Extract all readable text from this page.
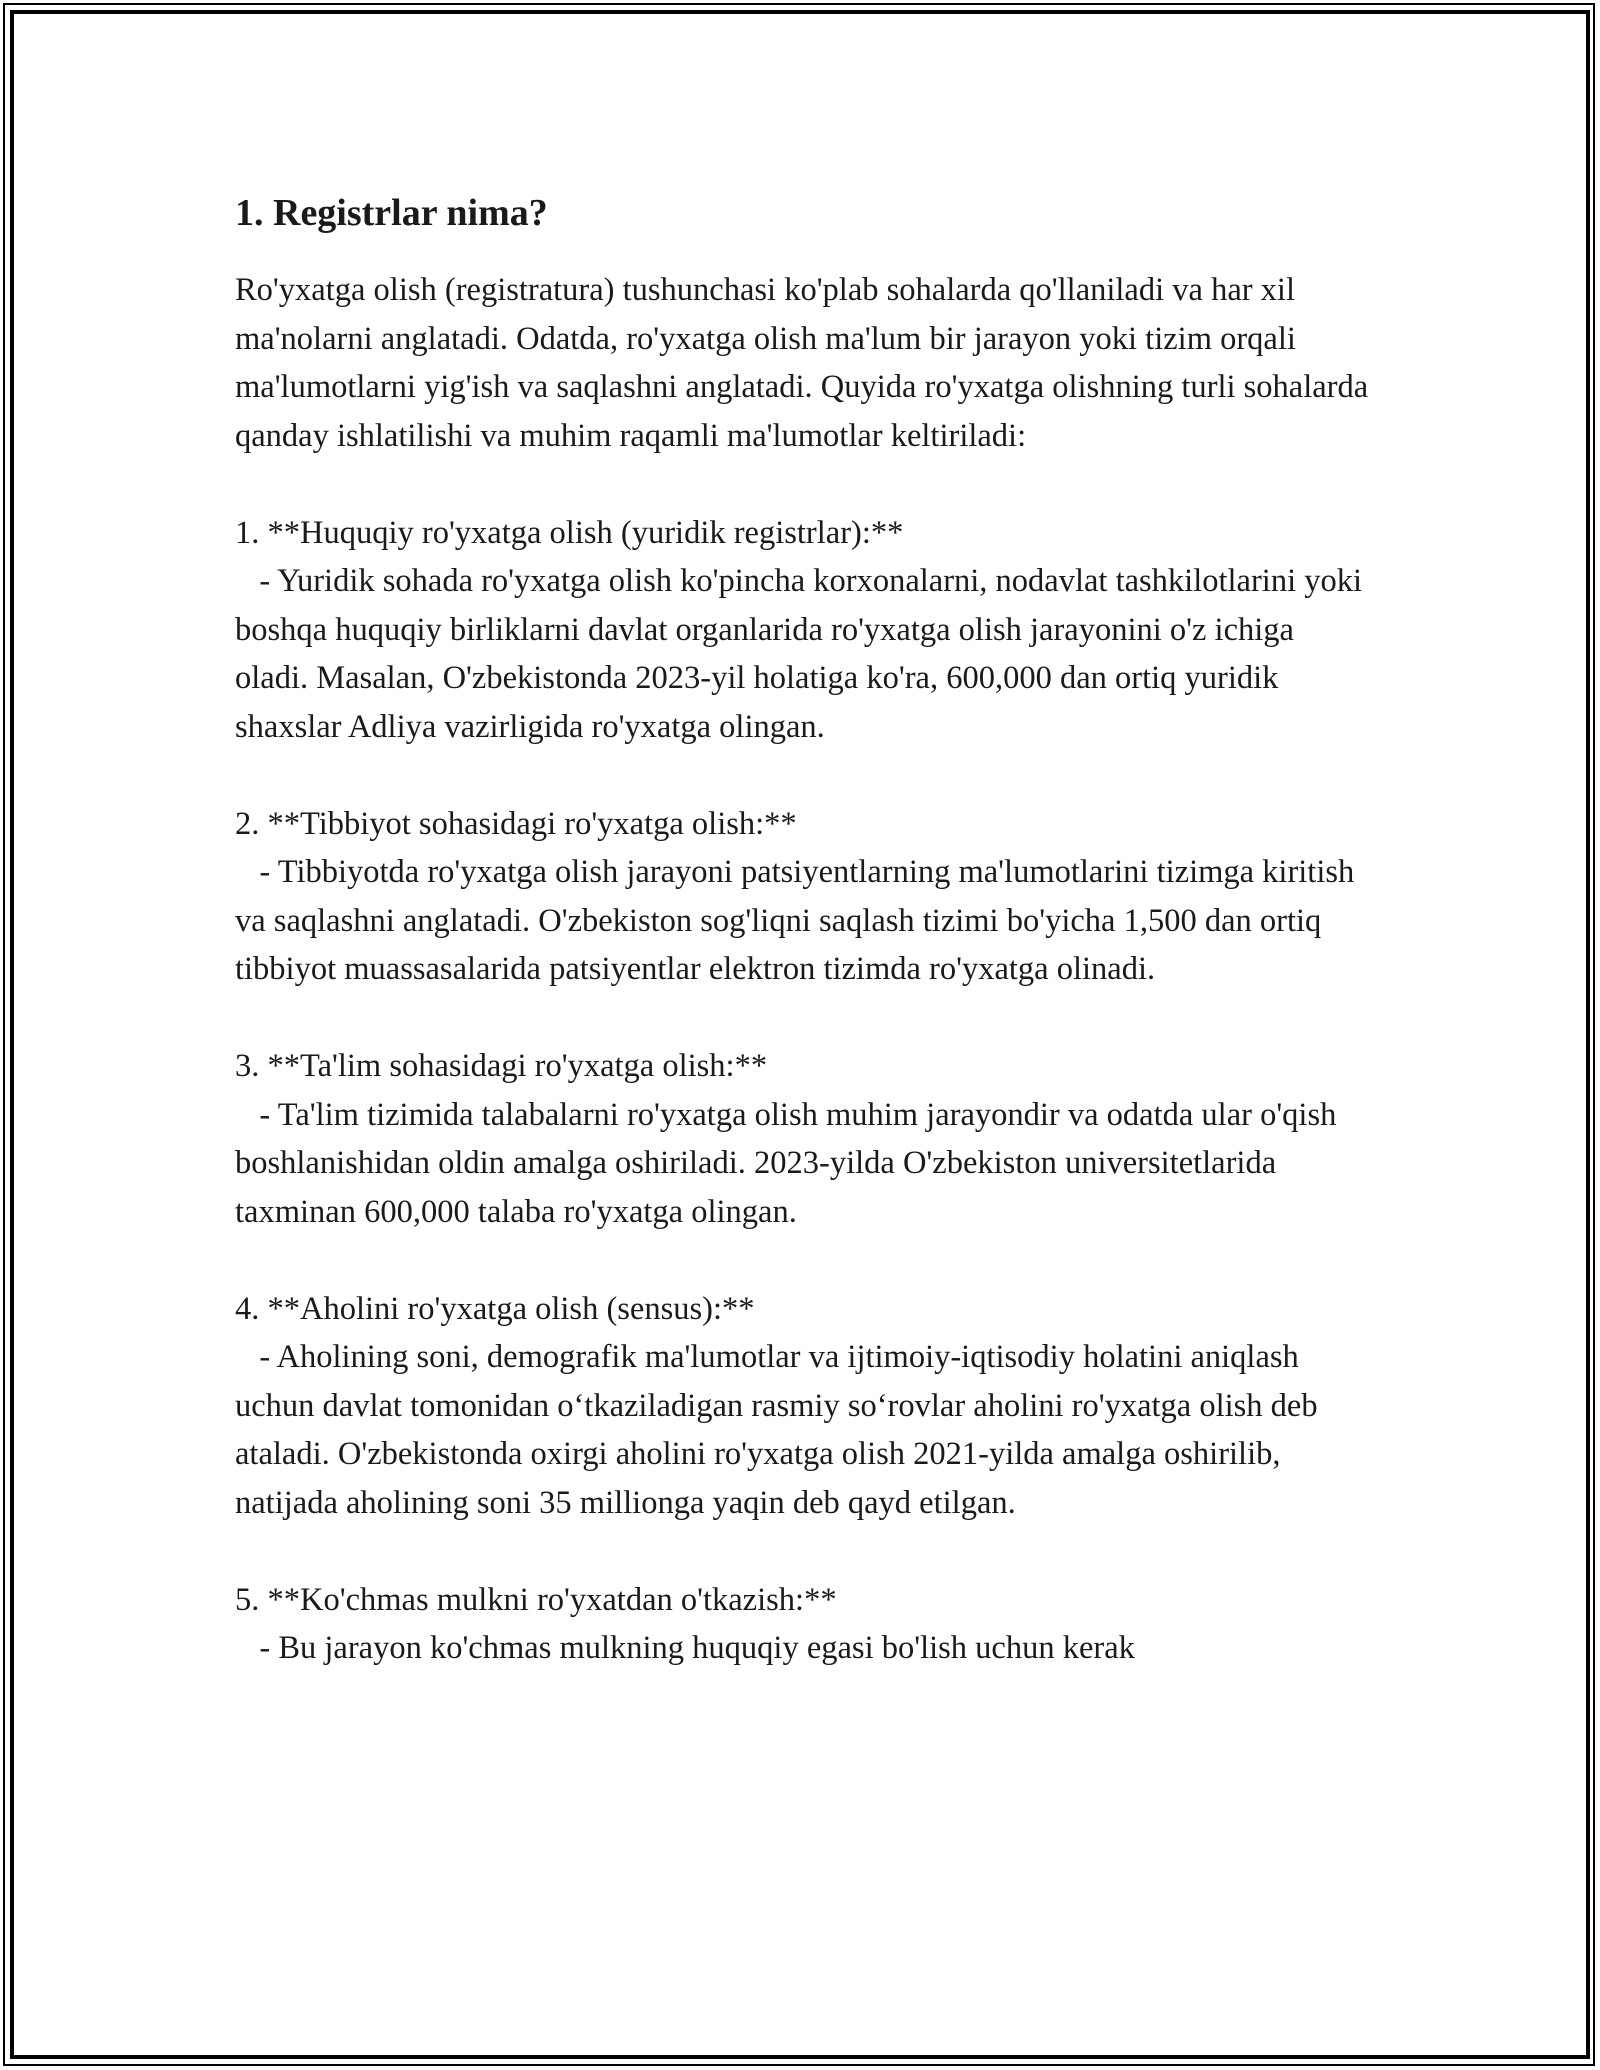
1. Registrlar nima?

Ro'yxatga olish (registratura) tushunchasi ko'plab sohalarda qo'llaniladi va har xil ma'nolarni anglatadi. Odatda, ro'yxatga olish ma'lum bir jarayon yoki tizim orqali ma'lumotlarni yig'ish va saqlashni anglatadi. Quyida ro'yxatga olishning turli sohalarda qanday ishlatilishi va muhim raqamli ma'lumotlar keltiriladi:

1. **Huquqiy ro'yxatga olish (yuridik registrlar):**

- Yuridik sohada ro'yxatga olish ko'pincha korxonalarni, nodavlat tashkilotlarini yoki boshqa huquqiy birliklarni davlat organlarida ro'yxatga olish jarayonini o'z ichiga oladi. Masalan, O'zbekistonda 2023-yil holatiga ko'ra, 600,000 dan ortiq yuridik shaxslar Adliya vazirligida ro'yxatga olingan.

2. **Tibbiyot sohasidagi ro'yxatga olish:**

- Tibbiyotda ro'yxatga olish jarayoni patsiyentlarning ma'lumotlarini tizimga kiritish va saqlashni anglatadi. O'zbekiston sog'liqni saqlash tizimi bo'yicha 1,500 dan ortiq tibbiyot muassasalarida patsiyentlar elektron tizimda ro'yxatga olinadi.

3. **Ta'lim sohasidagi ro'yxatga olish:**

- Ta'lim tizimida talabalarni ro'yxatga olish muhim jarayondir va odatda ular o'qish boshlanishidan oldin amalga oshiriladi. 2023-yilda O'zbekiston universitetlarida taxminan 600,000 talaba ro'yxatga olingan.

4. **Aholini ro'yxatga olish (sensus):**

- Aholining soni, demografik ma'lumotlar va ijtimoiy-iqtisodiy holatini aniqlash uchun davlat tomonidan o‘tkaziladigan rasmiy so‘rovlar aholini ro'yxatga olish deb ataladi. O'zbekistonda oxirgi aholini ro'yxatga olish 2021-yilda amalga oshirilib, natijada aholining soni 35 millionga yaqin deb qayd etilgan.

5. **Ko'chmas mulkni ro'yxatdan o'tkazish:**

- Bu jarayon ko'chmas mulkning huquqiy egasi bo'lish uchun kerak
